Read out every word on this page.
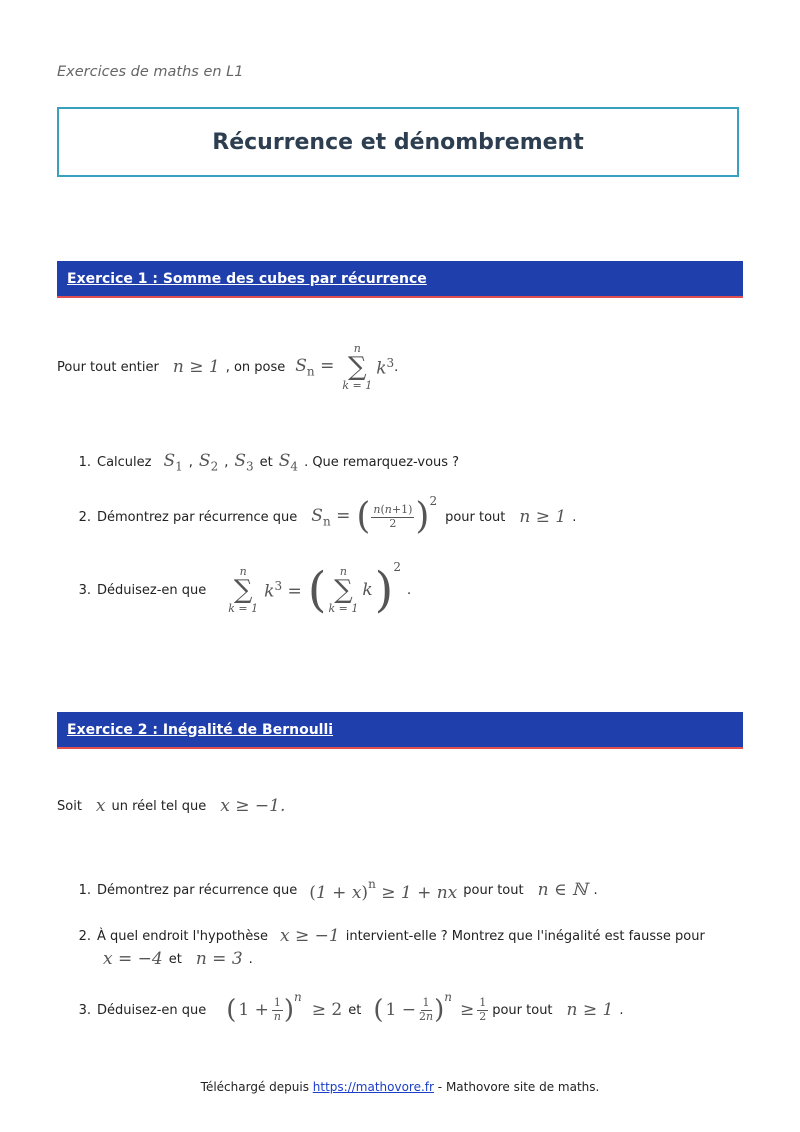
Exercices de maths en L1
Récurrence et dénombrement
Exercice 1 : Somme des cubes par récurrence
Pour tout entier n ≥ 1 , on pose $S_n$ =
n
∑
k = 1
$k^3$ .
1. Calculez $S_1$ , $S_2$ , $S_3$ et $S_4$ . Que remarquez-vous ?
2. Démontrez par récurrence que $S_n$ = ( $\frac{n(n+1)}{2}$ ) 2
pour tout n ≥ 1 .
3. Déduisez-en que
n
∑
k = 1
$k^3$ = ( n
∑
k = 1
k ) 2
.
Exercice 2 : Inégalité de Bernoulli
Soit x un réel tel que x ≥ −1.
1. Démontrez par récurrence que $(1 + x)^n \ge 1$ + nx pour tout n ∈ ℕ .
2. À quel endroit l'hypothèse x ≥ −1 intervient-elle ? Montrez que l'inégalité est fausse pour
x = −4 et n = 3 .
3. Déduisez-en que ( $1 + \frac{1}{n}$ ) n
≥ 2 et ( $1 - \frac{1}{2n}$ ) n
≥ $\frac{1}{2}$ pour tout n ≥ 1 .
Téléchargé depuis https://mathovore.fr - Mathovore site de maths.
